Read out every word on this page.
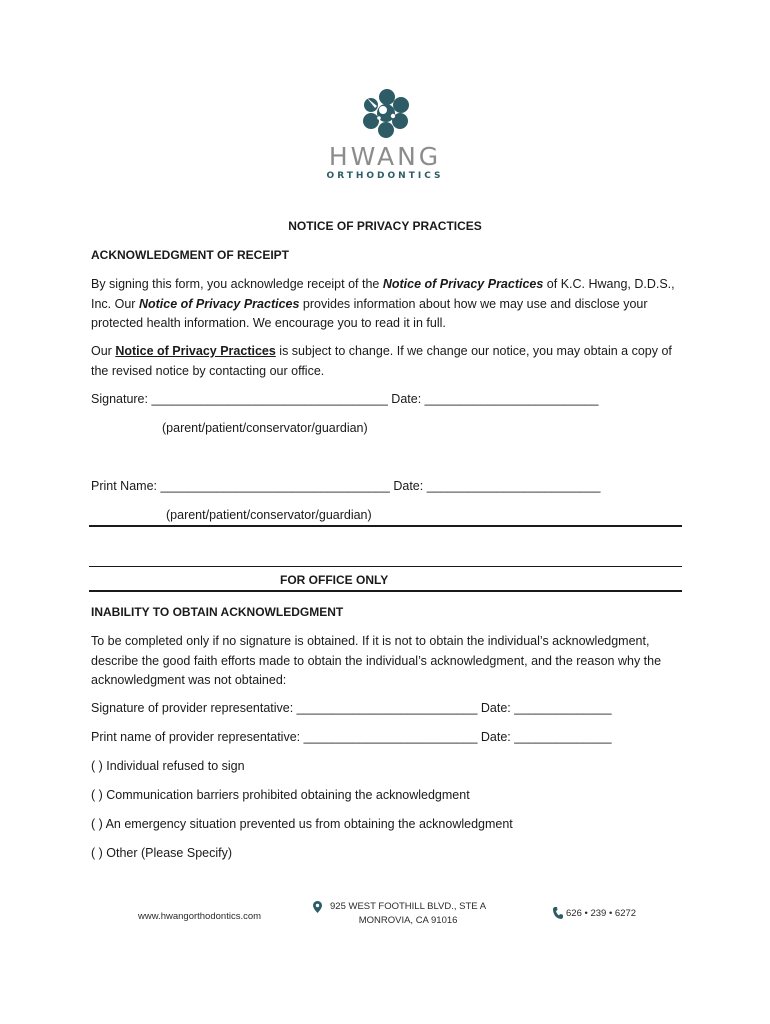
HWANG
ORTHODONTICS
NOTICE OF PRIVACY PRACTICES
ACKNOWLEDGMENT OF RECEIPT
By signing this form, you acknowledge receipt of the Notice of Privacy Practices of K.C. Hwang, D.D.S., Inc. Our Notice of Privacy Practices provides information about how we may use and disclose your protected health information. We encourage you to read it in full.
Our Notice of Privacy Practices is subject to change. If we change our notice, you may obtain a copy of the revised notice by contacting our office.
Signature: __________________________________ Date: _________________________
(parent/patient/conservator/guardian)
Print Name: _________________________________ Date: _________________________
(parent/patient/conservator/guardian)
FOR OFFICE ONLY
INABILITY TO OBTAIN ACKNOWLEDGMENT
To be completed only if no signature is obtained. If it is not to obtain the individual’s acknowledgment, describe the good faith efforts made to obtain the individual’s acknowledgment, and the reason why the acknowledgment was not obtained:
Signature of provider representative: __________________________ Date: ______________
Print name of provider representative: _________________________ Date: ______________
( ) Individual refused to sign
( ) Communication barriers prohibited obtaining the acknowledgment
( ) An emergency situation prevented us from obtaining the acknowledgment
( ) Other (Please Specify)
www.hwangorthodontics.com
925 WEST FOOTHILL BLVD., STE A
MONROVIA, CA 91016
626 • 239 • 6272
